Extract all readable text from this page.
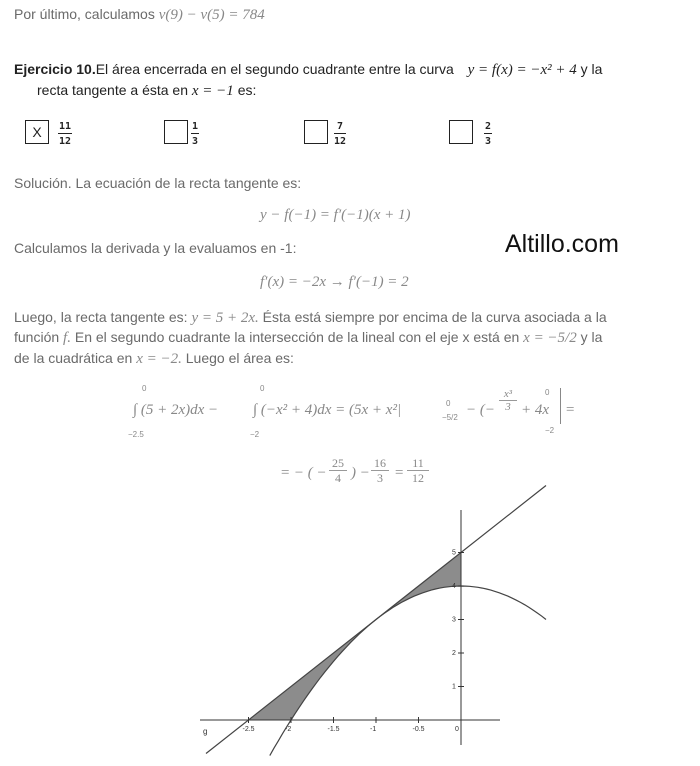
Por último, calculamos v(9) − v(5) = 784
Ejercicio 10.El área encerrada en el segundo cuadrante entre la curva y = f(x) = −x² + 4 y la
recta tangente a ésta en x = −1 es:
X	$\frac{11}{12}$	$\frac{1}{3}$	$\frac{7}{12}$	$\frac{2}{3}$
Solución. La ecuación de la recta tangente es:
y − f(−1) = f′(−1)(x + 1)
Calculamos la derivada y la evaluamos en -1:	Altillo.com
f′(x) = −2x → f′(−1) = 2
Luego, la recta tangente es: y = 5 + 2x. Ésta está siempre por encima de la curva asociada a la
función f. En el segundo cuadrante la intersección de la lineal con el eje x está en x = −5/2 y la
de la cuadrática en x = −2. Luego el área es:
∫ (5 + 2x)dx −
0
−2.5
∫ (−x² + 4)dx = (5x + x²|
0
−2
0
−5/2 − (− $\frac{\text{x³}}{3} + 4x$
0
−2
=
= − ( − $\frac{25}{4}$ ) − $\frac{16}{3} = \frac{11}{12}$
-2.5	-2	-1.5	-1	-0.5	0
1
2
3
4
5
g
